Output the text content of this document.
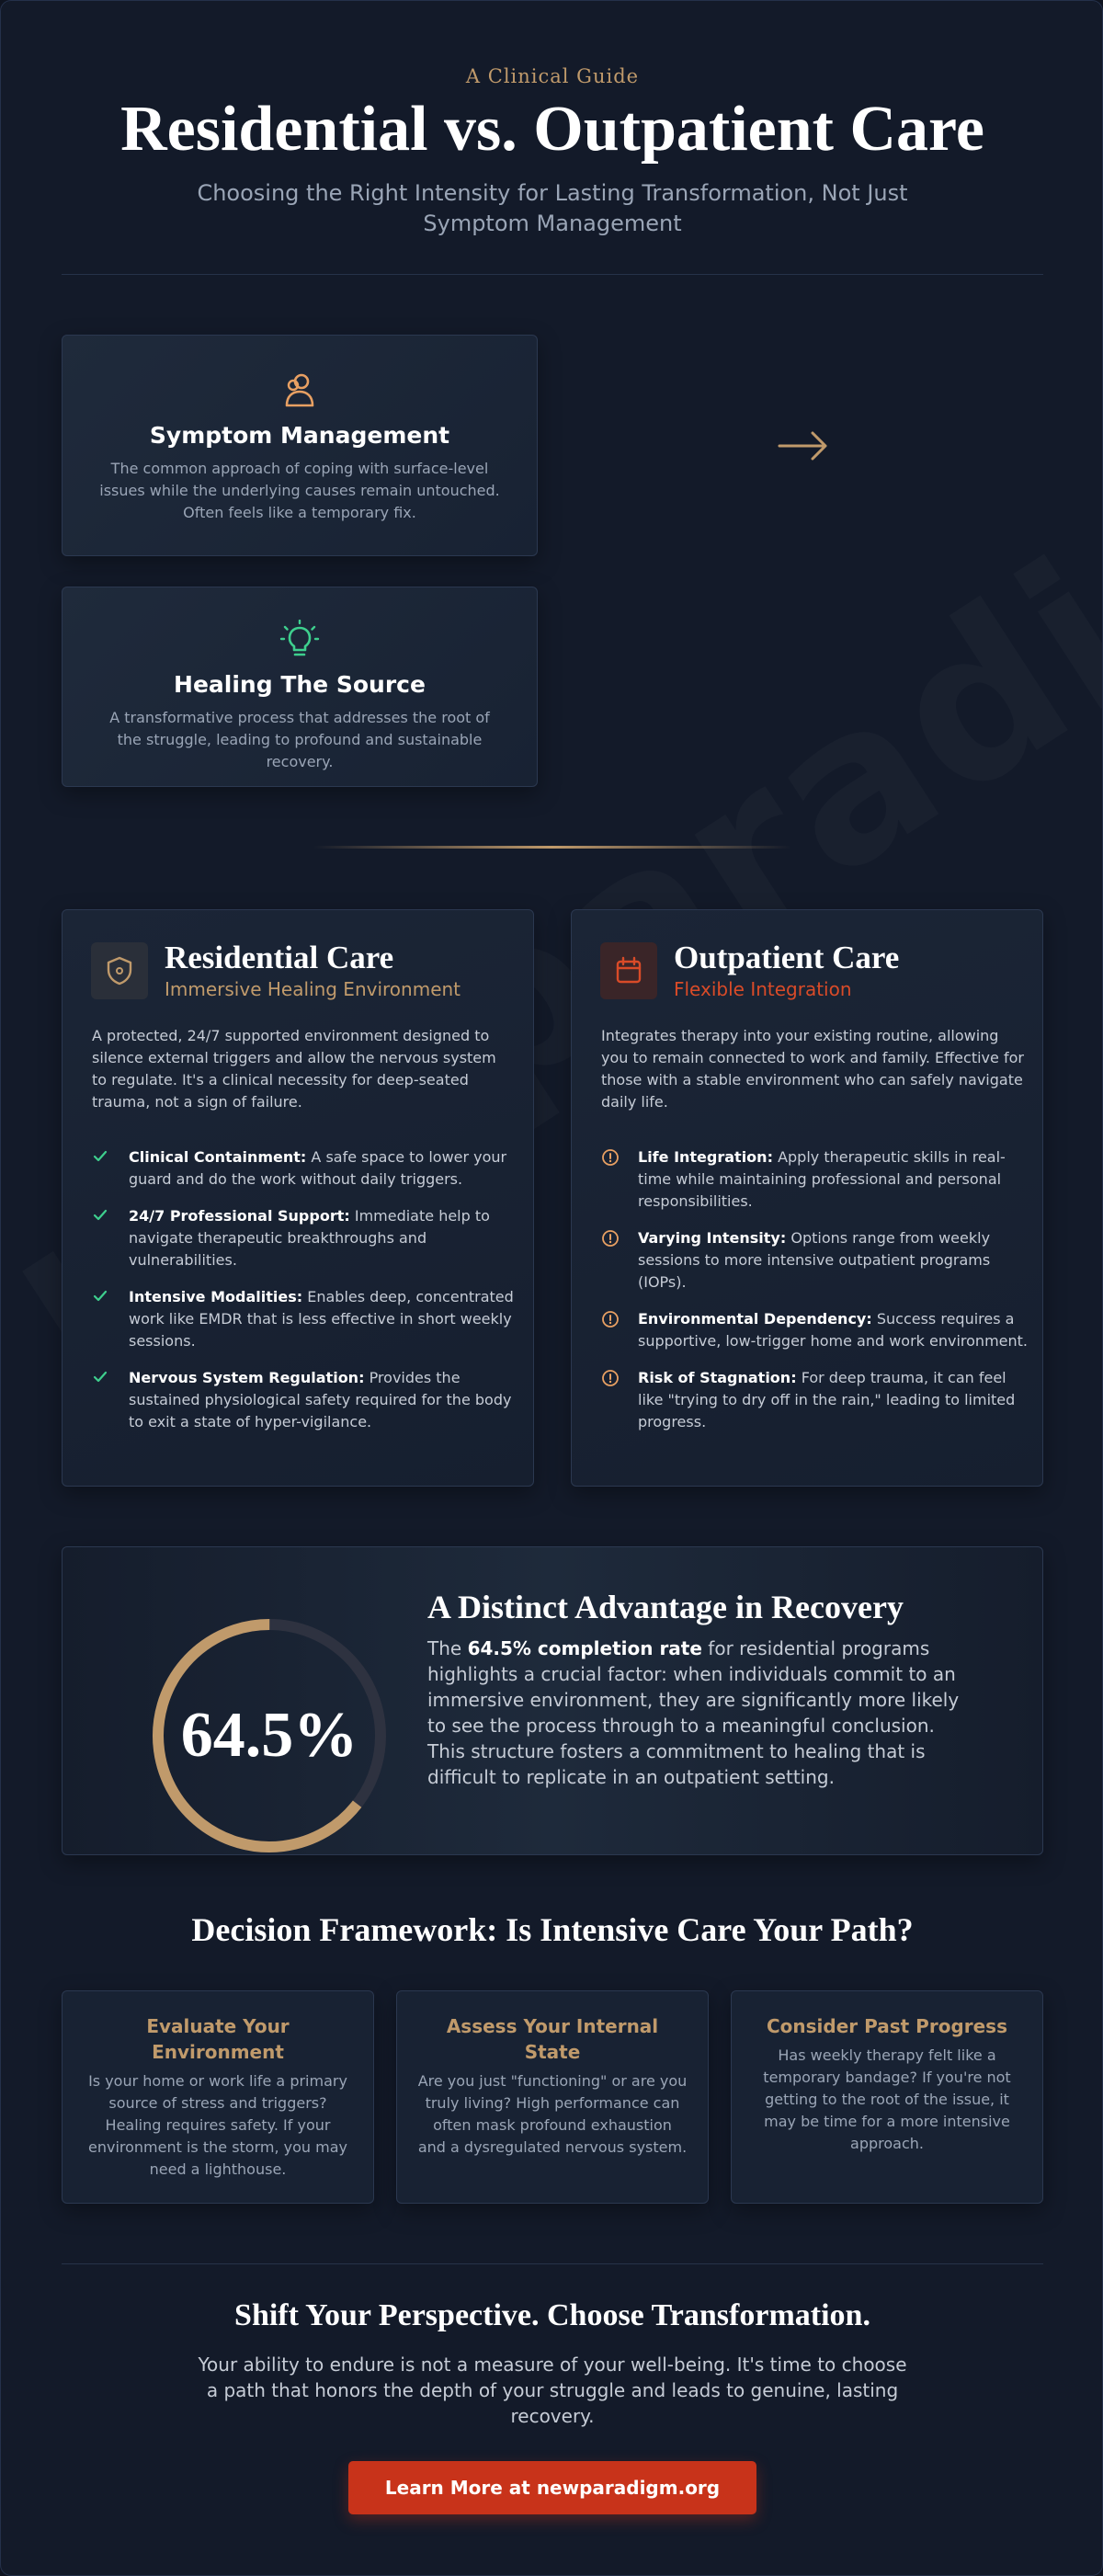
A Clinical Guide
Residential vs. Outpatient Care
Choosing the Right Intensity for Lasting Transformation, Not Just Symptom Management
Symptom Management
The common approach of coping with surface-level issues while the underlying causes remain untouched. Often feels like a temporary fix.
Healing The Source
A transformative process that addresses the root of the struggle, leading to profound and sustainable recovery.
Residential Care
Immersive Healing Environment
A protected, 24/7 supported environment designed to silence external triggers and allow the nervous system to regulate. It's a clinical necessity for deep-seated trauma, not a sign of failure.
Clinical Containment: A safe space to lower your guard and do the work without daily triggers.
24/7 Professional Support: Immediate help to navigate therapeutic breakthroughs and vulnerabilities.
Intensive Modalities: Enables deep, concentrated work like EMDR that is less effective in short weekly sessions.
Nervous System Regulation: Provides the sustained physiological safety required for the body to exit a state of hyper-vigilance.
Outpatient Care
Flexible Integration
Integrates therapy into your existing routine, allowing you to remain connected to work and family. Effective for those with a stable environment who can safely navigate daily life.
Life Integration: Apply therapeutic skills in real-time while maintaining professional and personal responsibilities.
Varying Intensity: Options range from weekly sessions to more intensive outpatient programs (IOPs).
Environmental Dependency: Success requires a supportive, low-trigger home and work environment.
Risk of Stagnation: For deep trauma, it can feel like "trying to dry off in the rain," leading to limited progress.
64.5%
A Distinct Advantage in Recovery
The 64.5% completion rate for residential programs highlights a crucial factor: when individuals commit to an immersive environment, they are significantly more likely to see the process through to a meaningful conclusion. This structure fosters a commitment to healing that is difficult to replicate in an outpatient setting.
Decision Framework: Is Intensive Care Your Path?
Evaluate Your Environment
Is your home or work life a primary source of stress and triggers? Healing requires safety. If your environment is the storm, you may need a lighthouse.
Assess Your Internal State
Are you just "functioning" or are you truly living? High performance can often mask profound exhaustion and a dysregulated nervous system.
Consider Past Progress
Has weekly therapy felt like a temporary bandage? If you're not getting to the root of the issue, it may be time for a more intensive approach.
Shift Your Perspective. Choose Transformation.
Your ability to endure is not a measure of your well-being. It's time to choose a path that honors the depth of your struggle and leads to genuine, lasting recovery.
Learn More at newparadigm.org
